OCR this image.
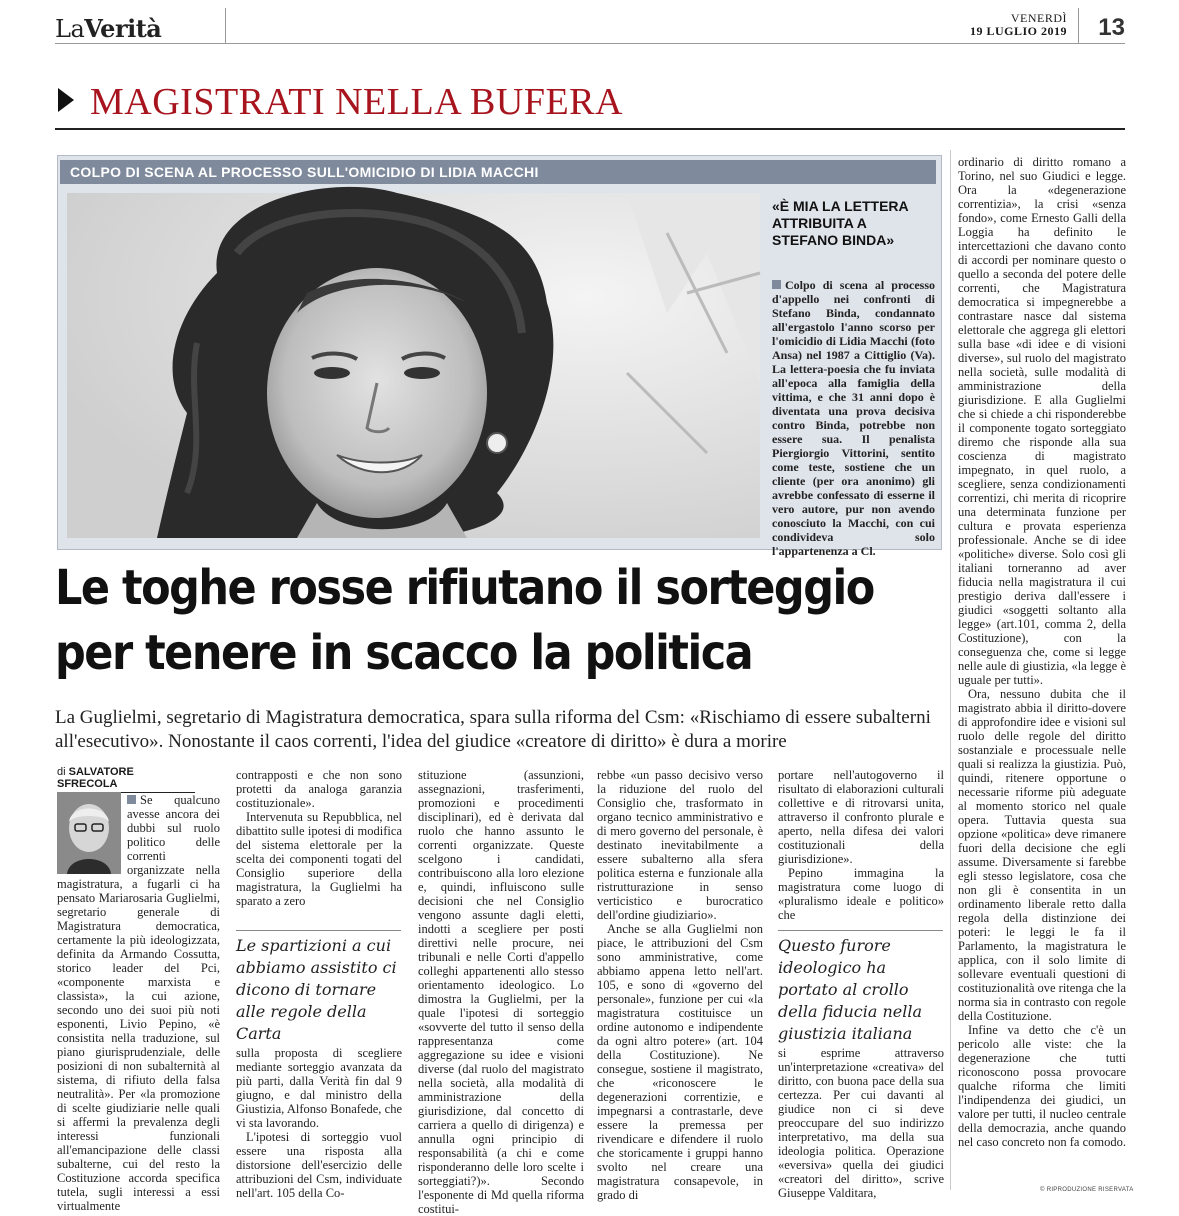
LaVerità	VENERDÌ
19 LUGLIO 2019 13
MAGISTRATI NELLA BUFERA
COLPO DI SCENA AL PROCESSO SULL'OMICIDIO DI LIDIA MACCHI
«È MIA LA LETTERA ATTRIBUITA A STEFANO BINDA»
Colpo di scena al processo d'appello nei confronti di Stefano Binda, condannato all'ergastolo l'anno scorso per l'omicidio di Lidia Macchi (foto Ansa) nel 1987 a Cittiglio (Va). La lettera-poesia che fu inviata all'epoca alla famiglia della vittima, e che 31 anni dopo è diventata una prova decisiva contro Binda, potrebbe non essere sua. Il penalista Piergiorgio Vittorini, sentito come teste, sostiene che un cliente (per ora anonimo) gli avrebbe confessato di esserne il vero autore, pur non avendo conosciuto la Macchi, con cui condivideva solo l'appartenenza a Cl.
Le toghe rosse rifiutano il sorteggio
per tenere in scacco la politica
La Guglielmi, segretario di Magistratura democratica, spara sulla riforma del Csm: «Rischiamo di essere subalterni all'esecutivo». Nonostante il caos correnti, l'idea del giudice «creatore di diritto» è dura a morire
di SALVATORE SFRECOLA
Se qualcuno avesse ancora dei dubbi sul ruolo politico delle correnti organizzate nella magistratura, a fugarli ci ha pensato Mariarosaria Guglielmi, segretario generale di Magistratura democratica, certamente la più ideologizzata, definita da Armando Cossutta, storico leader del Pci, «componente marxista e classista», la cui azione, secondo uno dei suoi più noti esponenti, Livio Pepino, «è consistita nella traduzione, sul piano giurisprudenziale, delle posizioni di non subalternità al sistema, di rifiuto della falsa neutralità». Per «la promozione di scelte giudiziarie nelle quali si affermi la prevalenza degli interessi funzionali all'emancipazione delle classi subalterne, cui del resto la Costituzione accorda specifica tutela, sugli interessi a essi virtualmente

contrapposti e che non sono protetti da analoga garanzia costituzionale».

Intervenuta su Repubblica, nel dibattito sulle ipotesi di modifica del sistema elettorale per la scelta dei componenti togati del Consiglio superiore della magistratura, la Guglielmi ha sparato a zero

Le spartizioni a cui abbiamo assistito ci dicono di tornare alle regole della Carta

sulla proposta di scegliere mediante sorteggio avanzata da più parti, dalla Verità fin dal 9 giugno, e dal ministro della Giustizia, Alfonso Bonafede, che vi sta lavorando.

L'ipotesi di sorteggio vuol essere una risposta alla distorsione dell'esercizio delle attribuzioni del Csm, individuate nell'art. 105 della Co-

stituzione (assunzioni, assegnazioni, trasferimenti, promozioni e procedimenti disciplinari), ed è derivata dal ruolo che hanno assunto le correnti organizzate. Queste scelgono i candidati, contribuiscono alla loro elezione e, quindi, influiscono sulle decisioni che nel Consiglio vengono assunte dagli eletti, indotti a scegliere per posti direttivi nelle procure, nei tribunali e nelle Corti d'appello colleghi appartenenti allo stesso orientamento ideologico. Lo dimostra la Guglielmi, per la quale l'ipotesi di sorteggio «sovverte del tutto il senso della rappresentanza come aggregazione su idee e visioni diverse (dal ruolo del magistrato nella società, alla modalità di amministrazione della giurisdizione, dal concetto di carriera a quello di dirigenza) e annulla ogni principio di responsabilità (a chi e come risponderanno delle loro scelte i sorteggiati?)». Secondo l'esponente di Md quella riforma costitui-

rebbe «un passo decisivo verso la riduzione del ruolo del Consiglio che, trasformato in organo tecnico amministrativo e di mero governo del personale, è destinato inevitabilmente a essere subalterno alla sfera politica esterna e funzionale alla ristrutturazione in senso verticistico e burocratico dell'ordine giudiziario».

Anche se alla Guglielmi non piace, le attribuzioni del Csm sono amministrative, come abbiamo appena letto nell'art. 105, e sono di «governo del personale», funzione per cui «la magistratura costituisce un ordine autonomo e indipendente da ogni altro potere» (art. 104 della Costituzione). Ne consegue, sostiene il magistrato, che «riconoscere le degenerazioni correntizie, e impegnarsi a contrastarle, deve essere la premessa per rivendicare e difendere il ruolo che storicamente i gruppi hanno svolto nel creare una magistratura consapevole, in grado di

portare nell'autogoverno il risultato di elaborazioni culturali collettive e di ritrovarsi unita, attraverso il confronto plurale e aperto, nella difesa dei valori costituzionali della giurisdizione».

Pepino immagina la magistratura come luogo di «pluralismo ideale e politico» che

Questo furore ideologico ha portato al crollo della fiducia nella giustizia italiana
si esprime attraverso un'interpretazione «creativa» del diritto, con buona pace della sua certezza. Per cui davanti al giudice non ci si deve preoccupare del suo indirizzo interpretativo, ma della sua ideologia politica. Operazione «eversiva» quella dei giudici «creatori del diritto», scrive Giuseppe Valditara,

ordinario di diritto romano a Torino, nel suo Giudici e legge. Ora la «degenerazione correntizia», la crisi «senza fondo», come Ernesto Galli della Loggia ha definito le intercettazioni che davano conto di accordi per nominare questo o quello a seconda del potere delle correnti, che Magistratura democratica si impegnerebbe a contrastare nasce dal sistema elettorale che aggrega gli elettori sulla base «di idee e di visioni diverse», sul ruolo del magistrato nella società, sulle modalità di amministrazione della giurisdizione. E alla Guglielmi che si chiede a chi risponderebbe il componente togato sorteggiato diremo che risponde alla sua coscienza di magistrato impegnato, in quel ruolo, a scegliere, senza condizionamenti correntizi, chi merita di ricoprire una determinata funzione per cultura e provata esperienza professionale. Anche se di idee «politiche» diverse. Solo così gli italiani torneranno ad aver fiducia nella magistratura il cui prestigio deriva dall'essere i giudici «soggetti soltanto alla legge» (art.101, comma 2, della Costituzione), con la conseguenza che, come si legge nelle aule di giustizia, «la legge è uguale per tutti».

Ora, nessuno dubita che il magistrato abbia il diritto-dovere di approfondire idee e visioni sul ruolo delle regole del diritto sostanziale e processuale nelle quali si realizza la giustizia. Può, quindi, ritenere opportune o necessarie riforme più adeguate al momento storico nel quale opera. Tuttavia questa sua opzione «politica» deve rimanere fuori della decisione che egli assume. Diversamente si farebbe egli stesso legislatore, cosa che non gli è consentita in un ordinamento liberale retto dalla regola della distinzione dei poteri: le leggi le fa il Parlamento, la magistratura le applica, con il solo limite di sollevare eventuali questioni di costituzionalità ove ritenga che la norma sia in contrasto con regole della Costituzione.

Infine va detto che c'è un pericolo alle viste: che la degenerazione che tutti riconoscono possa provocare qualche riforma che limiti l'indipendenza dei giudici, un valore per tutti, il nucleo centrale della democrazia, anche quando nel caso concreto non fa comodo.

© RIPRODUZIONE RISERVATA
